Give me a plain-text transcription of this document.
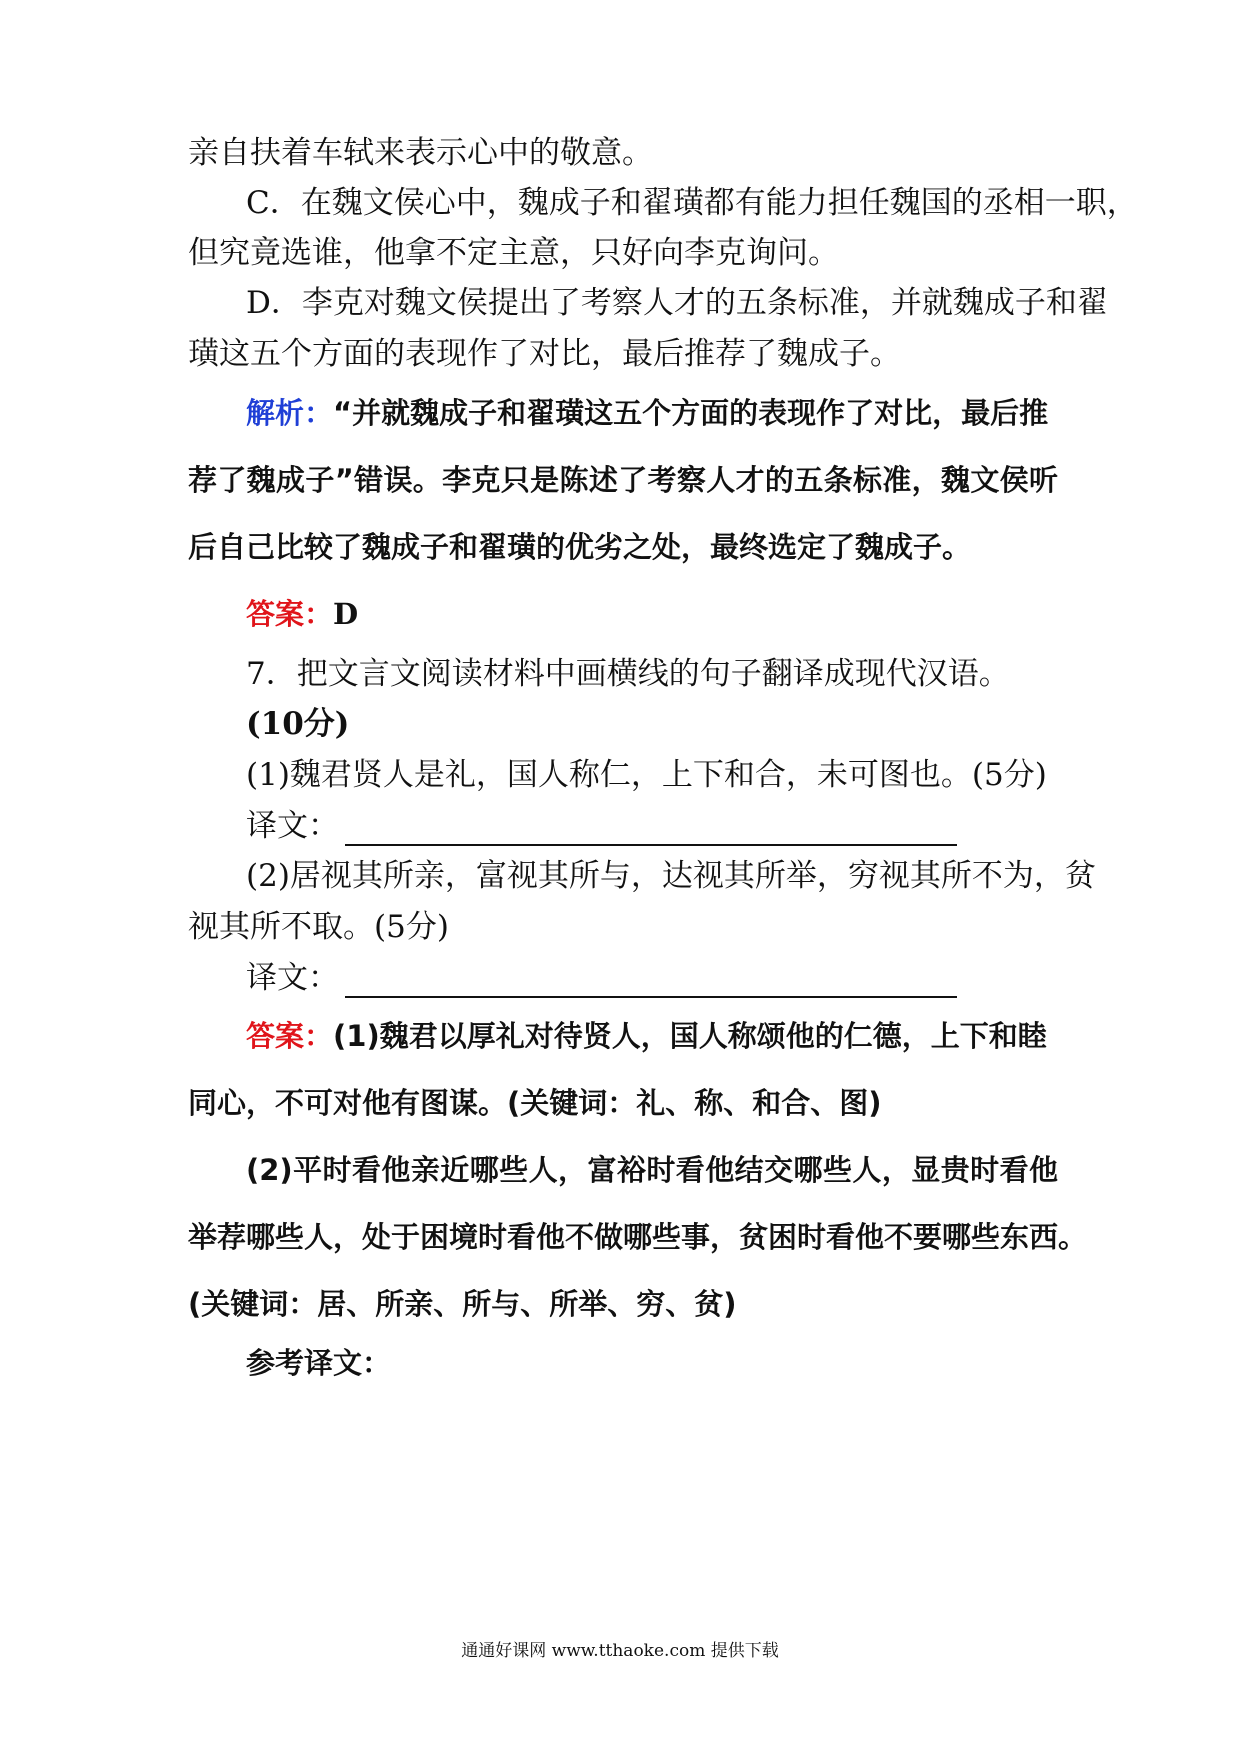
亲自扶着车轼来表示心中的敬意。
C．在魏文侯心中，魏成子和翟璜都有能力担任魏国的丞相一职，
但究竟选谁，他拿不定主意，只好向李克询问。
D．李克对魏文侯提出了考察人才的五条标准，并就魏成子和翟
璜这五个方面的表现作了对比，最后推荐了魏成子。
解析：“并就魏成子和翟璜这五个方面的表现作了对比，最后推
荐了魏成子”错误。李克只是陈述了考察人才的五条标准，魏文侯听
后自己比较了魏成子和翟璜的优劣之处，最终选定了魏成子。
答案：D
7．把文言文阅读材料中画横线的句子翻译成现代汉语。
(10分)
(1)魏君贤人是礼，国人称仁，上下和合，未可图也。(5分)
译文：
(2)居视其所亲，富视其所与，达视其所举，穷视其所不为，贫
视其所不取。(5分)
译文：
答案：(1)魏君以厚礼对待贤人，国人称颂他的仁德，上下和睦
同心，不可对他有图谋。(关键词：礼、称、和合、图)
(2)平时看他亲近哪些人，富裕时看他结交哪些人，显贵时看他
举荐哪些人，处于困境时看他不做哪些事，贫困时看他不要哪些东西。
(关键词：居、所亲、所与、所举、穷、贫)
参考译文：
通通好课网 www.tthaoke.com 提供下载
